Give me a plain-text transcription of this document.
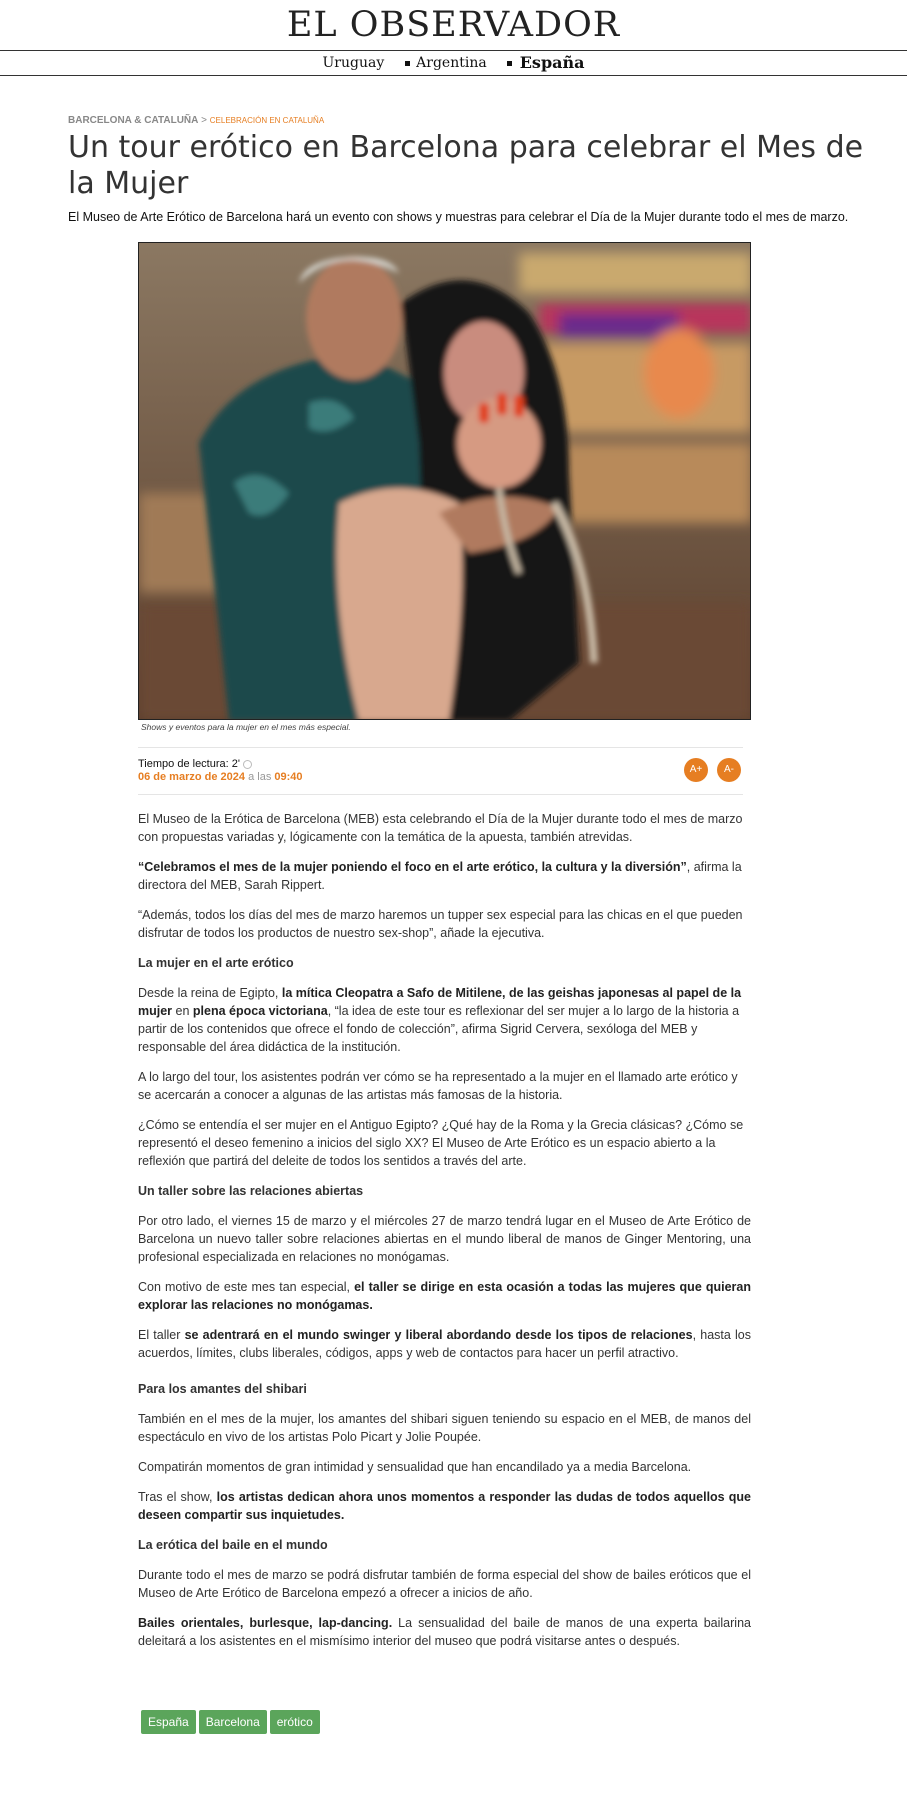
EL OBSERVADOR
Uruguay Argentina España
BARCELONA & CATALUÑA > CELEBRACIÓN EN CATALUÑA
Un tour erótico en Barcelona para celebrar el Mes de la Mujer
El Museo de Arte Erótico de Barcelona hará un evento con shows y muestras para celebrar el Día de la Mujer durante todo el mes de marzo.
Shows y eventos para la mujer en el mes más especial.
Tiempo de lectura: 2'
06 de marzo de 2024 a las 09:40
A+	A-

El Museo de la Erótica de Barcelona (MEB) esta celebrando el Día de la Mujer durante todo el mes de marzo con propuestas variadas y, lógicamente con la temática de la apuesta, también atrevidas.

“Celebramos el mes de la mujer poniendo el foco en el arte erótico, la cultura y la diversión”, afirma la directora del MEB, Sarah Rippert.

“Además, todos los días del mes de marzo haremos un tupper sex especial para las chicas en el que pueden disfrutar de todos los productos de nuestro sex-shop”, añade la ejecutiva.

La mujer en el arte erótico

Desde la reina de Egipto, la mítica Cleopatra a Safo de Mitilene, de las geishas japonesas al papel de la mujer en plena época victoriana, “la idea de este tour es reflexionar del ser mujer a lo largo de la historia a partir de los contenidos que ofrece el fondo de colección”, afirma Sigrid Cervera, sexóloga del MEB y responsable del área didáctica de la institución.

A lo largo del tour, los asistentes podrán ver cómo se ha representado a la mujer en el llamado arte erótico y se acercarán a conocer a algunas de las artistas más famosas de la historia.

¿Cómo se entendía el ser mujer en el Antiguo Egipto? ¿Qué hay de la Roma y la Grecia clásicas? ¿Cómo se representó el deseo femenino a inicios del siglo XX? El Museo de Arte Erótico es un espacio abierto a la reflexión que partirá del deleite de todos los sentidos a través del arte.

Un taller sobre las relaciones abiertas

Por otro lado, el viernes 15 de marzo y el miércoles 27 de marzo tendrá lugar en el Museo de Arte Erótico de Barcelona un nuevo taller sobre relaciones abiertas en el mundo liberal de manos de Ginger Mentoring, una profesional especializada en relaciones no monógamas.

Con motivo de este mes tan especial, el taller se dirige en esta ocasión a todas las mujeres que quieran explorar las relaciones no monógamas.

El taller se adentrará en el mundo swinger y liberal abordando desde los tipos de relaciones, hasta los acuerdos, límites, clubs liberales, códigos, apps y web de contactos para hacer un perfil atractivo.

Para los amantes del shibari

También en el mes de la mujer, los amantes del shibari siguen teniendo su espacio en el MEB, de manos del espectáculo en vivo de los artistas Polo Picart y Jolie Poupée.

Compatirán momentos de gran intimidad y sensualidad que han encandilado ya a media Barcelona.

Tras el show, los artistas dedican ahora unos momentos a responder las dudas de todos aquellos que deseen compartir sus inquietudes.

La erótica del baile en el mundo

Durante todo el mes de marzo se podrá disfrutar también de forma especial del show de bailes eróticos que el Museo de Arte Erótico de Barcelona empezó a ofrecer a inicios de año.

Bailes orientales, burlesque, lap-dancing. La sensualidad del baile de manos de una experta bailarina deleitará a los asistentes en el mismísimo interior del museo que podrá visitarse antes o después.

España Barcelona erótico
